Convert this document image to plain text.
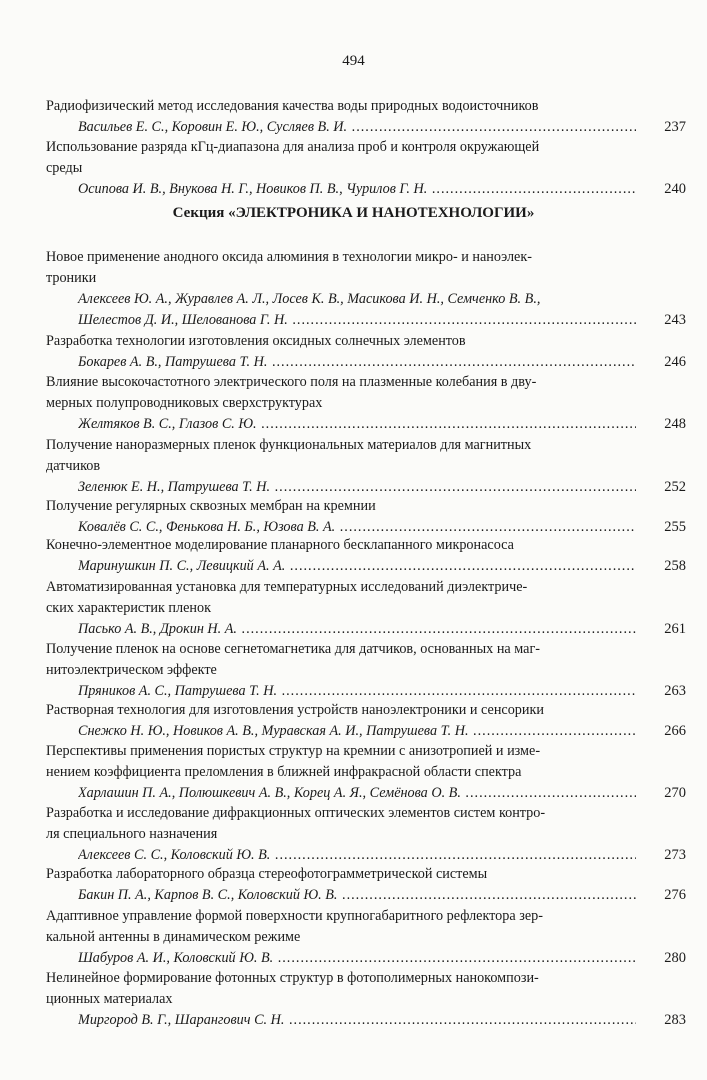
494
Радиофизический метод исследования качества воды природных водоисточников
Васильев Е. С., Коровин Е. Ю., Сусляев В. И. .....	237
Использование разряда кГц-диапазона для анализа проб и контроля окружающей
среды
Осипова И. В., Внукова Н. Г., Новиков П. В., Чурилов Г. Н. .....	240
Секция «ЭЛЕКТРОНИКА И НАНОТЕХНОЛОГИИ»
Новое применение анодного оксида алюминия в технологии микро- и наноэлек-
троники
Алексеев Ю. А., Журавлев А. Л., Лосев К. В., Масикова И. Н., Семченко В. В.,
Шелестов Д. И., Шелованова Г. Н. .....	243
Разработка технологии изготовления оксидных солнечных элементов
Бокарев А. В., Патрушева Т. Н. .....	246
Влияние высокочастотного электрического поля на плазменные колебания в дву-
мерных полупроводниковых сверхструктурах
Желтяков В. С., Глазов С. Ю. .....	248
Получение наноразмерных пленок функциональных материалов для магнитных
датчиков
Зеленюк Е. Н., Патрушева Т. Н. .....	252
Получение регулярных сквозных мембран на кремнии
Ковалёв С. С., Фенькова Н. Б., Юзова В. А. .....	255
Конечно-элементное моделирование планарного бесклапанного микронасоса
Маринушкин П. С., Левицкий А. А. .....	258
Автоматизированная установка для температурных исследований диэлектриче-
ских характеристик пленок
Пасько А. В., Дрокин Н. А. .....	261
Получение пленок на основе сегнетомагнетика для датчиков, основанных на маг-
нитоэлектрическом эффекте
Пряников А. С., Патрушева Т. Н. .....	263
Растворная технология для изготовления устройств наноэлектроники и сенсорики
Снежко Н. Ю., Новиков А. В., Муравская А. И., Патрушева Т. Н. .....	266
Перспективы применения пористых структур на кремнии с анизотропией и изме-
нением коэффициента преломления в ближней инфракрасной области спектра
Харлашин П. А., Полюшкевич А. В., Корец А. Я., Семёнова О. В. .....	270
Разработка и исследование дифракционных оптических элементов систем контро-
ля специального назначения
Алексеев С. С., Коловский Ю. В. .....	273
Разработка лабораторного образца стереофотограмметрической системы
Бакин П. А., Карпов В. С., Коловский Ю. В. .....	276
Адаптивное управление формой поверхности крупногабаритного рефлектора зер-
кальной антенны в динамическом режиме
Шабуров А. И., Коловский Ю. В. .....	280
Нелинейное формирование фотонных структур в фотополимерных нанокомпози-
ционных материалах
Миргород В. Г., Шарангович С. Н. .....	283
